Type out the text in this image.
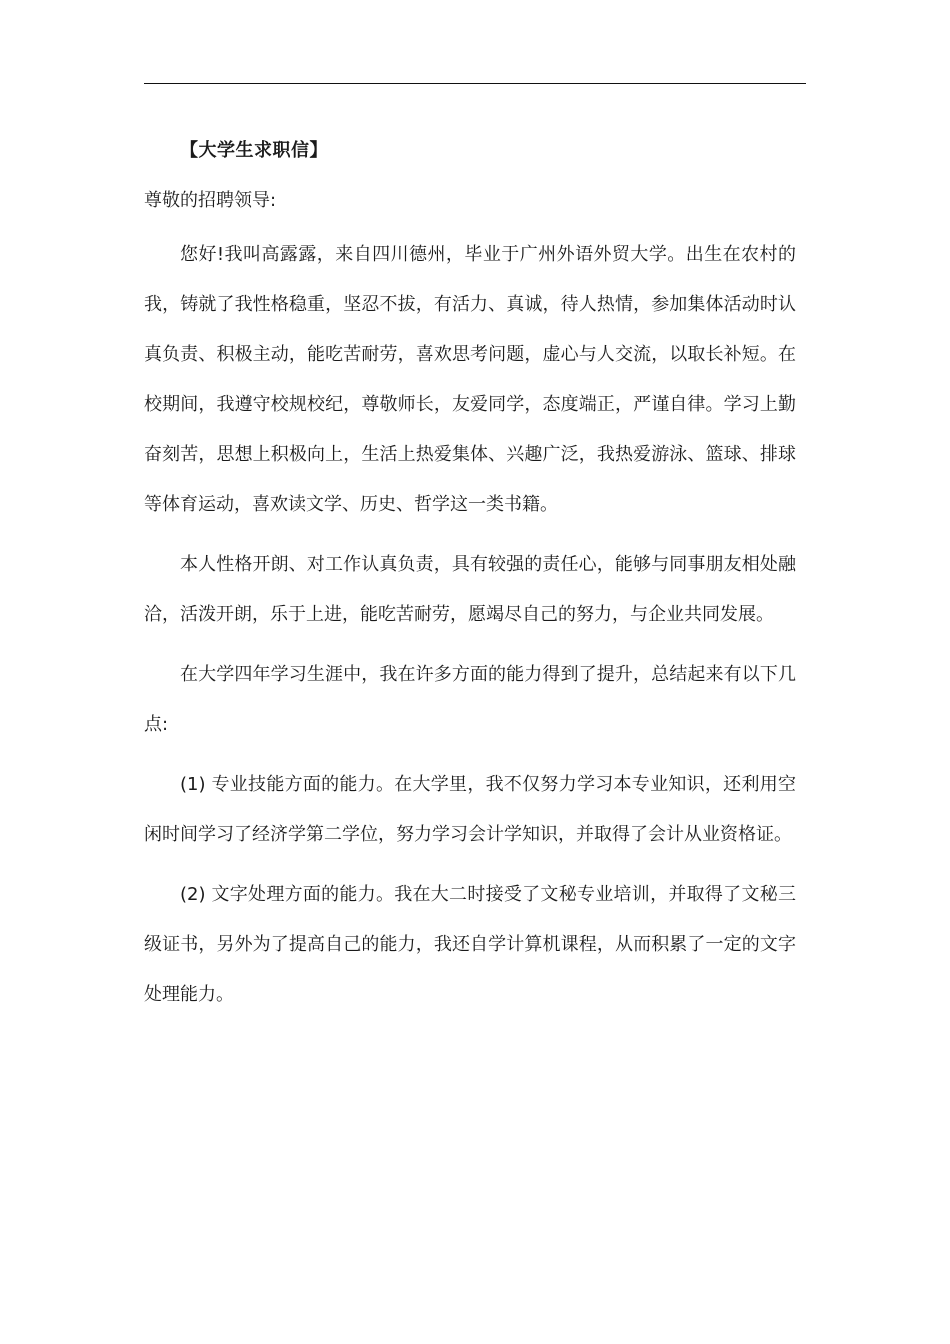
【大学生求职信】

尊敬的招聘领导:

您好!我叫高露露，来自四川德州，毕业于广州外语外贸大学。出生在农村的我，铸就了我性格稳重，坚忍不拔，有活力、真诚，待人热情，参加集体活动时认真负责、积极主动，能吃苦耐劳，喜欢思考问题，虚心与人交流，以取长补短。在校期间，我遵守校规校纪，尊敬师长，友爱同学，态度端正，严谨自律。学习上勤奋刻苦，思想上积极向上，生活上热爱集体、兴趣广泛，我热爱游泳、篮球、排球等体育运动，喜欢读文学、历史、哲学这一类书籍。

本人性格开朗、对工作认真负责，具有较强的责任心，能够与同事朋友相处融洽，活泼开朗，乐于上进，能吃苦耐劳，愿竭尽自己的努力，与企业共同发展。

在大学四年学习生涯中，我在许多方面的能力得到了提升，总结起来有以下几点:

(1) 专业技能方面的能力。在大学里，我不仅努力学习本专业知识，还利用空闲时间学习了经济学第二学位，努力学习会计学知识，并取得了会计从业资格证。

(2) 文字处理方面的能力。我在大二时接受了文秘专业培训，并取得了文秘三级证书，另外为了提高自己的能力，我还自学计算机课程，从而积累了一定的文字处理能力。
